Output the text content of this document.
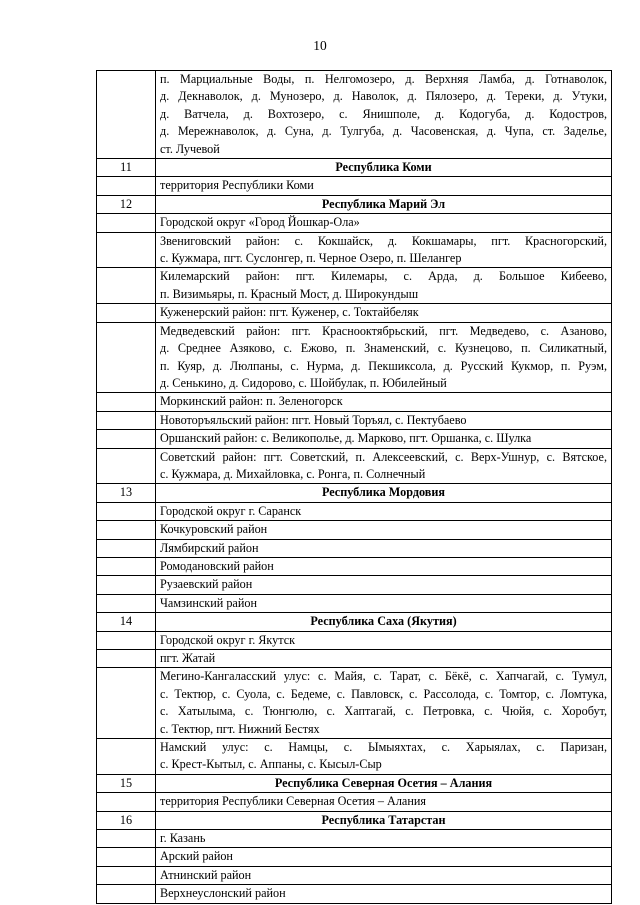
10

	п. Марциальные Воды, п. Нелгомозеро, д. Верхняя Ламба, д. Готнаволок,
д. Декнаволок, д. Мунозеро, д. Наволок, д. Пялозеро, д. Тереки, д. Утуки,
д. Ватчела, д. Вохтозеро, с. Янишполе, д. Кодогуба, д. Кодостров,
д. Мережнаволок, д. Суна, д. Тулгуба, д. Часовенская, д. Чупа, ст. Заделье,
ст. Лучевой

11	Республика Коми

	территория Республики Коми

12	Республика Марий Эл

	Городской округ «Город Йошкар-Ола»

	Звениговский район: с. Кокшайск, д. Кокшамары, пгт. Красногорский,
с. Кужмара, пгт. Суслонгер, п. Черное Озеро, п. Шелангер

	Килемарский район: пгт. Килемары, с. Арда, д. Большое Кибеево,
п. Визимьяры, п. Красный Мост, д. Широкундыш

	Куженерский район: пгт. Куженер, с. Токтайбеляк

	Медведевский район: пгт. Краснооктябрьский, пгт. Медведево, с. Азаново,
д. Среднее Азяково, с. Ежово, п. Знаменский, с. Кузнецово, п. Силикатный,
п. Куяр, д. Люлпаны, с. Нурма, д. Пекшиксола, д. Русский Кукмор, п. Руэм,
д. Сенькино, д. Сидорово, с. Шойбулак, п. Юбилейный

	Моркинский район: п. Зеленогорск

	Новоторъяльский район: пгт. Новый Торъял, с. Пектубаево

	Оршанский район: с. Великополье, д. Марково, пгт. Оршанка, с. Шулка

	Советский район: пгт. Советский, п. Алексеевский, с. Верх-Ушнур, с. Вятское,
с. Кужмара, д. Михайловка, с. Ронга, п. Солнечный

13	Республика Мордовия

	Городской округ г. Саранск

	Кочкуровский район

	Лямбирский район

	Ромодановский район

	Рузаевский район

	Чамзинский район

14	Республика Саха (Якутия)

	Городской округ г. Якутск

	пгт. Жатай

	Мегино-Кангаласский улус: с. Майя, с. Тарат, с. Бёкё, с. Хапчагай, с. Тумул,
с. Тектюр, с. Суола, с. Бедеме, с. Павловск, с. Рассолода, с. Томтор, с. Ломтука,
с. Хатылыма, с. Тюнгюлю, с. Хаптагай, с. Петровка, с. Чюйя, с. Хоробут,
с. Тектюр, пгт. Нижний Бестях

	Намский улус: с. Намцы, с. Ымыяхтах, с. Харыялах, с. Паризан,
с. Крест-Кытыл, с. Аппаны, с. Кысыл-Сыр

15	Республика Северная Осетия – Алания

	территория Республики Северная Осетия – Алания

16	Республика Татарстан

	г. Казань

	Арский район

	Атнинский район

	Верхнеуслонский район
